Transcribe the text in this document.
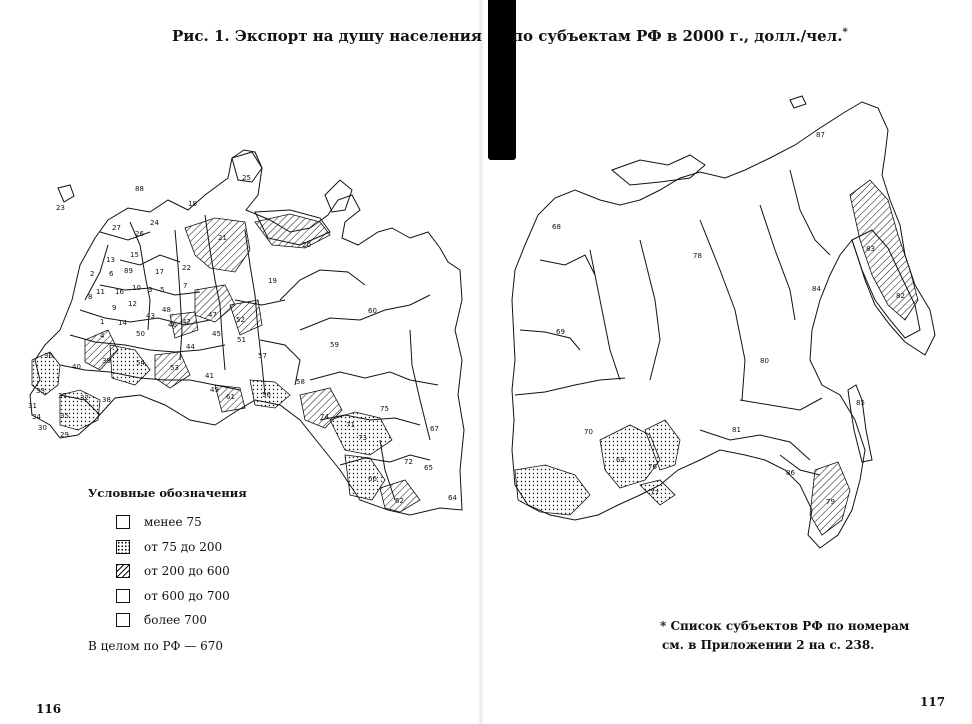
Рис. 1. Экспорт на душу населения по субъектам РФ в 2000 г., долл./чел.*
1
2
3
4
5
6
7
8
9
10
11
12
13
14
15
16
17
18
19
20
21
22
23
24
25
26
27
29
30
31
32
33
34	35
36
37	38
39
40
41
42
43
44
45
46
47
48
49
50
51
52
53
54
56
57
58
59
60
61
62
63
64
65
66
67
68
69
70
71
72
73
74
75
76
77
78
79
80
81
82
83
84
85
86
87
88
89
Условные обозначения
менее 75
от 75 до 200
от 200 до 600
от 600 до 700
более 700
В целом по РФ — 670
* Список субъектов РФ по номерам
см. в Приложении 2 на с. 238.
116	117
